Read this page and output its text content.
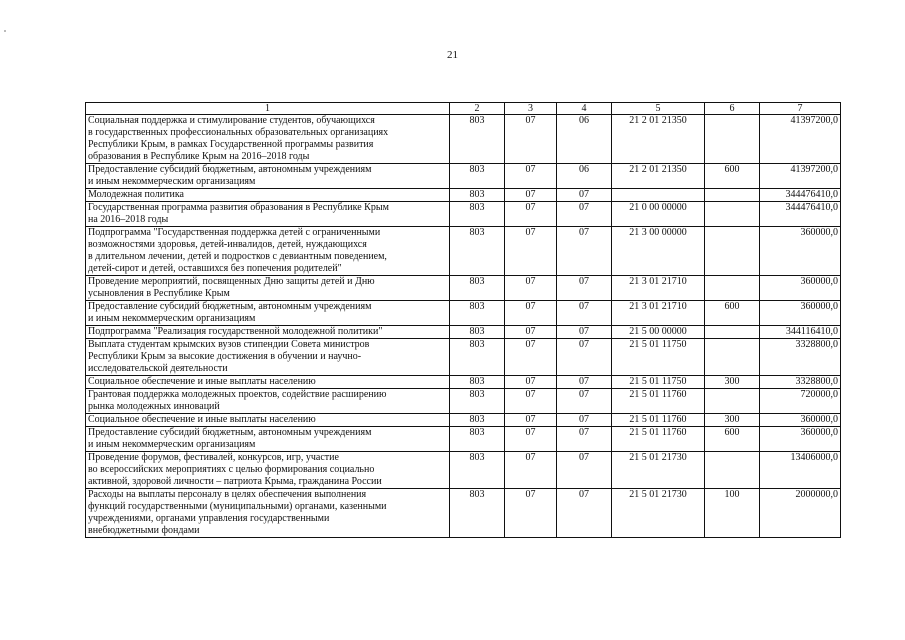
21
1	2	3	4	5	6	7
Социальная поддержка и стимулирование студентов, обучающихся
в государственных профессиональных образовательных организациях
Республики Крым, в рамках Государственной программы развития
образования в Республике Крым на 2016–2018 годы	803	07	06	21 2 01 21350		41397200,0
Предоставление субсидий бюджетным, автономным учреждениям
и иным некоммерческим организациям	803	07	06	21 2 01 21350	600	41397200,0
Молодежная политика	803	07	07			344476410,0
Государственная программа развития образования в Республике Крым
на 2016–2018 годы	803	07	07	21 0 00 00000		344476410,0
Подпрограмма "Государственная поддержка детей с ограниченными
возможностями здоровья, детей-инвалидов, детей, нуждающихся
в длительном лечении, детей и подростков с девиантным поведением,
детей-сирот и детей, оставшихся без попечения родителей"	803	07	07	21 3 00 00000		360000,0
Проведение мероприятий, посвященных Дню защиты детей и Дню
усыновления в Республике Крым	803	07	07	21 3 01 21710		360000,0
Предоставление субсидий бюджетным, автономным учреждениям
и иным некоммерческим организациям	803	07	07	21 3 01 21710	600	360000,0
Подпрограмма "Реализация государственной молодежной политики"	803	07	07	21 5 00 00000		344116410,0
Выплата студентам крымских вузов стипендии Совета министров
Республики Крым за высокие достижения в обучении и научно-
исследовательской деятельности	803	07	07	21 5 01 11750		3328800,0
Социальное обеспечение и иные выплаты населению	803	07	07	21 5 01 11750	300	3328800,0
Грантовая поддержка молодежных проектов, содействие расширению
рынка молодежных инноваций	803	07	07	21 5 01 11760		720000,0
Социальное обеспечение и иные выплаты населению	803	07	07	21 5 01 11760	300	360000,0
Предоставление субсидий бюджетным, автономным учреждениям
и иным некоммерческим организациям	803	07	07	21 5 01 11760	600	360000,0
Проведение форумов, фестивалей, конкурсов, игр, участие
во всероссийских мероприятиях с целью формирования социально
активной, здоровой личности – патриота Крыма, гражданина России	803	07	07	21 5 01 21730		13406000,0
Расходы на выплаты персоналу в целях обеспечения выполнения
функций государственными (муниципальными) органами, казенными
учреждениями, органами управления государственными
внебюджетными фондами	803	07	07	21 5 01 21730	100	2000000,0
